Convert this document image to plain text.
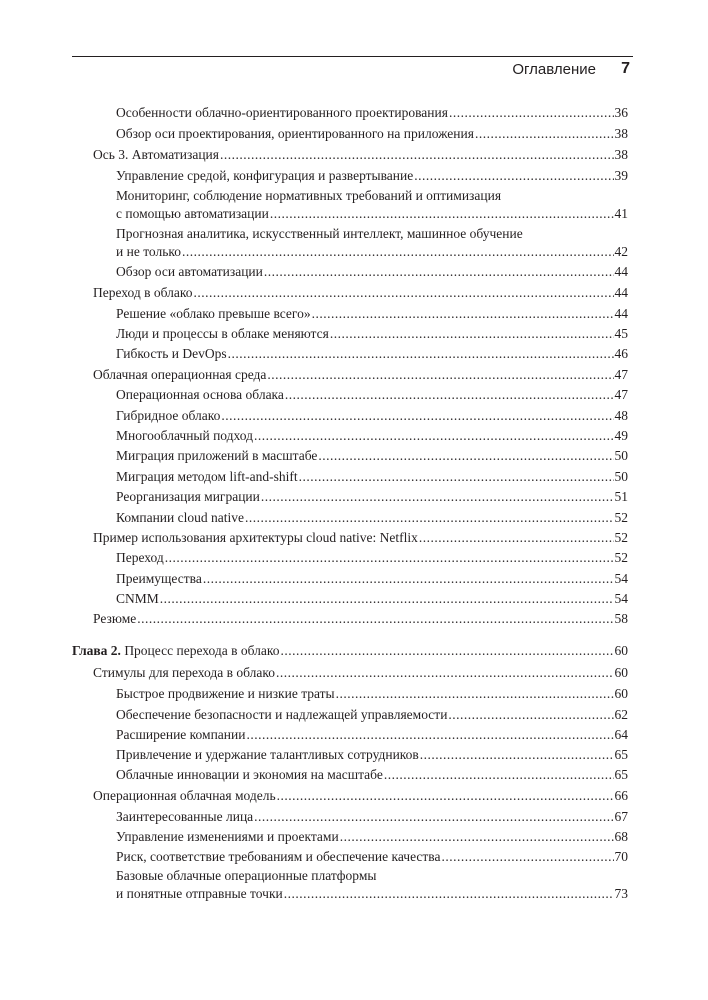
Оглавление 7
Особенности облачно-ориентированного проектирования .....	36
Обзор оси проектирования, ориентированного на приложения .....	38
Ось 3. Автоматизация .....	38
Управление средой, конфигурация и развертывание .....	39
Мониторинг, соблюдение нормативных требований и оптимизация
с помощью автоматизации .....	41
Прогнозная аналитика, искусственный интеллект, машинное обучение
и не только .....	42
Обзор оси автоматизации .....	44
Переход в облако .....	44
Решение «облако превыше всего» .....	44
Люди и процессы в облаке меняются .....	45
Гибкость и DevOps .....	46
Облачная операционная среда .....	47
Операционная основа облака .....	47
Гибридное облако .....	48
Многооблачный подход .....	49
Миграция приложений в масштабе .....	50
Миграция методом lift-and-shift .....	50
Реорганизация миграции .....	51
Компании cloud native .....	52
Пример использования архитектуры cloud native: Netflix .....	52
Переход .....	52
Преимущества .....	54
CNMM .....	54
Резюме .....	58
Глава 2. Процесс перехода в облако .....	60
Стимулы для перехода в облако .....	60
Быстрое продвижение и низкие траты .....	60
Обеспечение безопасности и надлежащей управляемости .....	62
Расширение компании .....	64
Привлечение и удержание талантливых сотрудников .....	65
Облачные инновации и экономия на масштабе .....	65
Операционная облачная модель .....	66
Заинтересованные лица .....	67
Управление изменениями и проектами .....	68
Риск, соответствие требованиям и обеспечение качества .....	70
Базовые облачные операционные платформы
и понятные отправные точки .....	73
